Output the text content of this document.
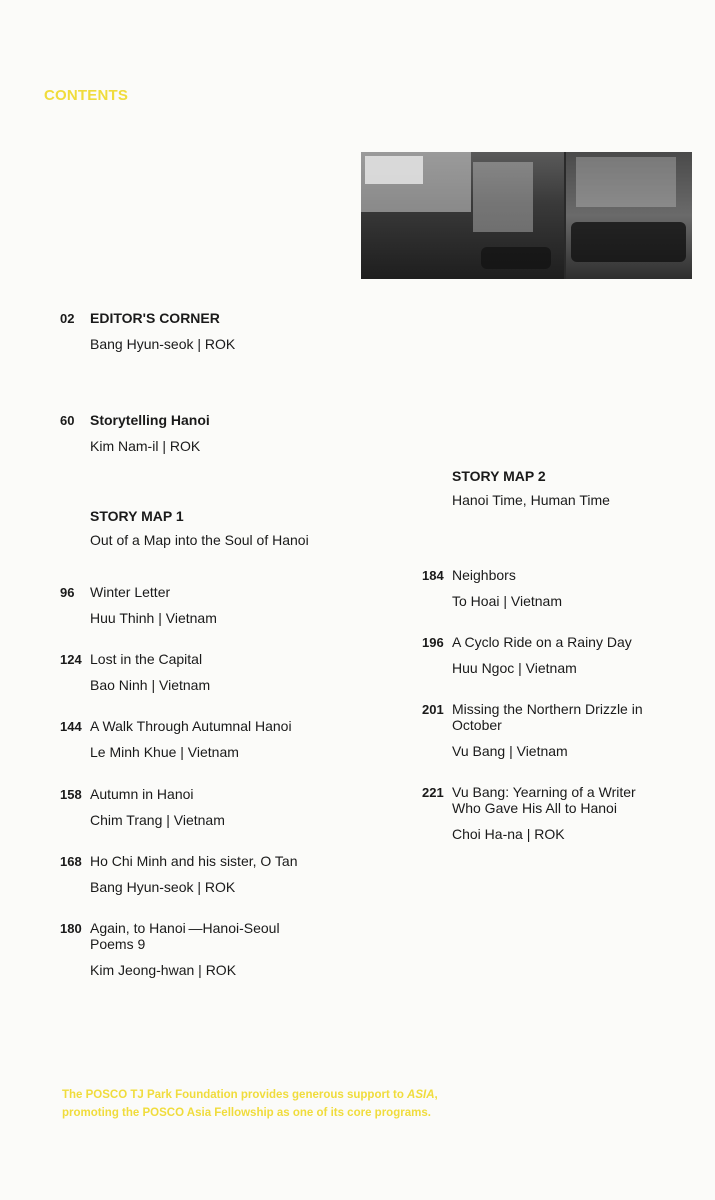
CONTENTS
02	EDITOR'S CORNER
Bang Hyun-seok | ROK
60	Storytelling Hanoi
Kim Nam-il | ROK
STORY MAP 1
Out of a Map into the Soul of Hanoi
96	Winter Letter
Huu Thinh | Vietnam
124 Lost in the Capital
Bao Ninh | Vietnam
144 A Walk Through Autumnal Hanoi
Le Minh Khue | Vietnam
158 Autumn in Hanoi
Chim Trang | Vietnam
168 Ho Chi Minh and his sister, O Tan
Bang Hyun-seok | ROK
180 Again, to Hanoi —Hanoi-Seoul Poems 9
Kim Jeong-hwan | ROK
STORY MAP 2
Hanoi Time, Human Time
184 Neighbors
To Hoai | Vietnam
196 A Cyclo Ride on a Rainy Day
Huu Ngoc | Vietnam
201 Missing the Northern Drizzle in October
Vu Bang | Vietnam
221 Vu Bang: Yearning of a Writer Who Gave His All to Hanoi
Choi Ha-na | ROK
The POSCO TJ Park Foundation provides generous support to ASIA,
promoting the POSCO Asia Fellowship as one of its core programs.
